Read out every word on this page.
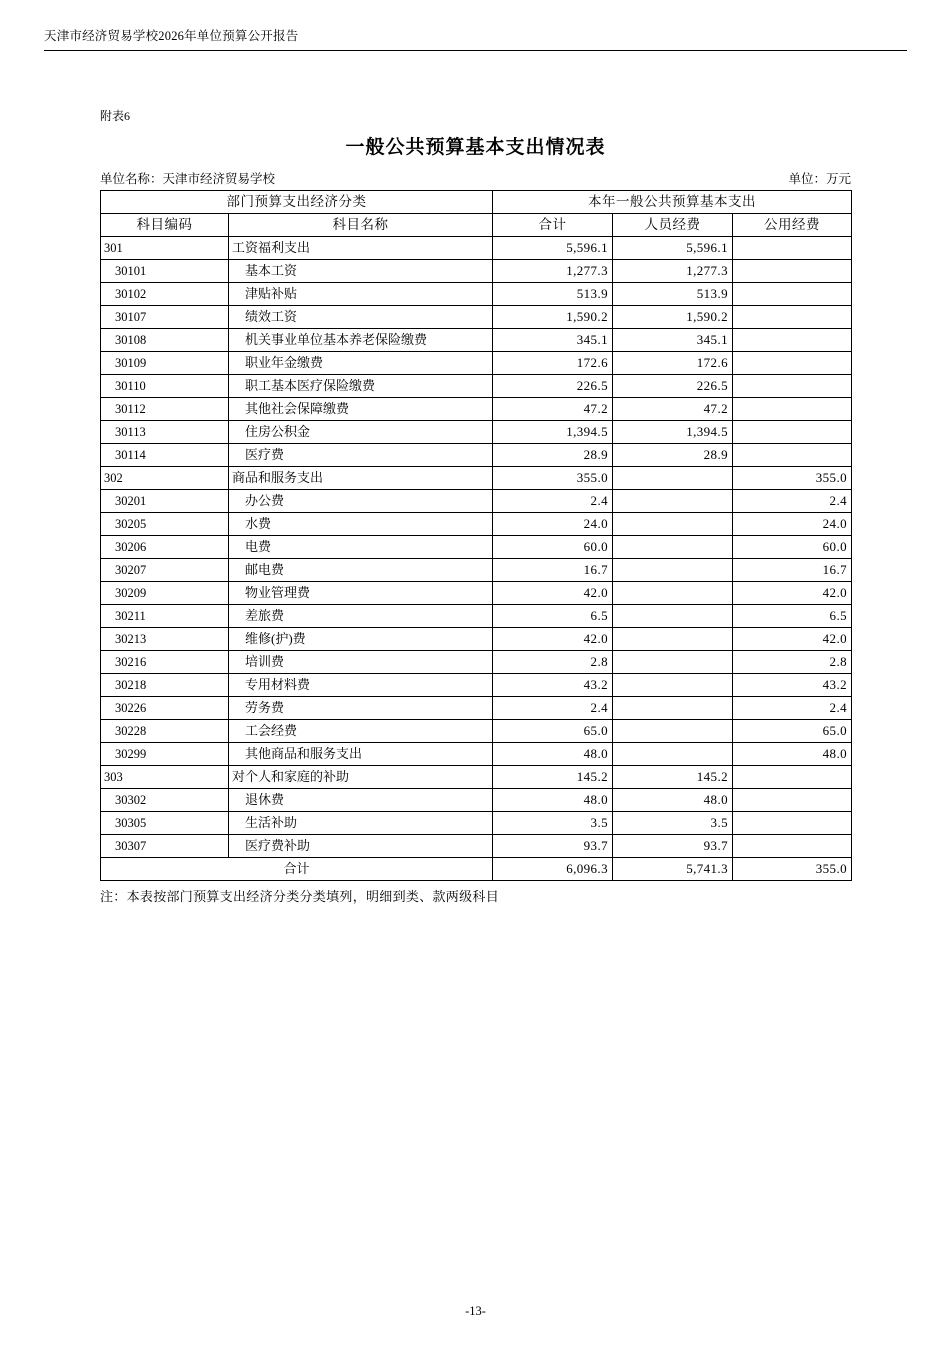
天津市经济贸易学校2026年单位预算公开报告
附表6
一般公共预算基本支出情况表
单位名称：天津市经济贸易学校	单位：万元
部门预算支出经济分类		本年一般公共预算基本支出		
科目编码	科目名称	合计	人员经费	公用经费
301	工资福利支出	5,596.1	5,596.1	
30101	基本工资	1,277.3	1,277.3	
30102	津贴补贴	513.9	513.9	
30107	绩效工资	1,590.2	1,590.2	
30108	机关事业单位基本养老保险缴费	345.1	345.1	
30109	职业年金缴费	172.6	172.6	
30110	职工基本医疗保险缴费	226.5	226.5	
30112	其他社会保障缴费	47.2	47.2	
30113	住房公积金	1,394.5	1,394.5	
30114	医疗费	28.9	28.9	
302	商品和服务支出	355.0		355.0
30201	办公费	2.4		2.4
30205	水费	24.0		24.0
30206	电费	60.0		60.0
30207	邮电费	16.7		16.7
30209	物业管理费	42.0		42.0
30211	差旅费	6.5		6.5
30213	维修(护)费	42.0		42.0
30216	培训费	2.8		2.8
30218	专用材料费	43.2		43.2
30226	劳务费	2.4		2.4
30228	工会经费	65.0		65.0
30299	其他商品和服务支出	48.0		48.0
303	对个人和家庭的补助	145.2	145.2	
30302	退休费	48.0	48.0	
30305	生活补助	3.5	3.5	
30307	医疗费补助	93.7	93.7	
合计		6,096.3	5,741.3	355.0
注：本表按部门预算支出经济分类分类填列，明细到类、款两级科目
-13-
